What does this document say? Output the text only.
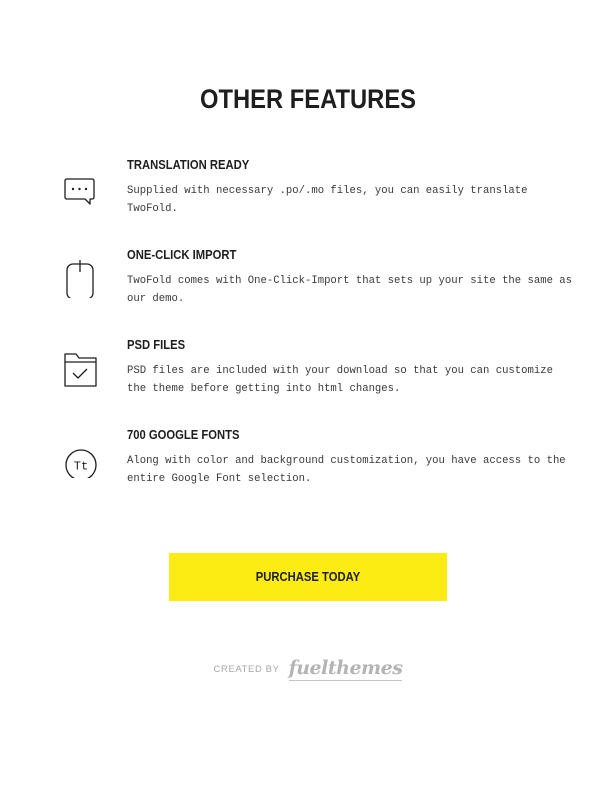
OTHER FEATURES
TRANSLATION READY

Supplied with necessary .po/.mo files, you can easily translate TwoFold.

ONE-CLICK IMPORT

TwoFold comes with One-Click-Import that sets up your site the same as our demo.

PSD FILES

PSD files are included with your download so that you can customize the theme before getting into html changes.

Tt
700 GOOGLE FONTS

Along with color and background customization, you have access to the entire Google Font selection.

PURCHASE TODAY
CREATED BY fuelthemes
